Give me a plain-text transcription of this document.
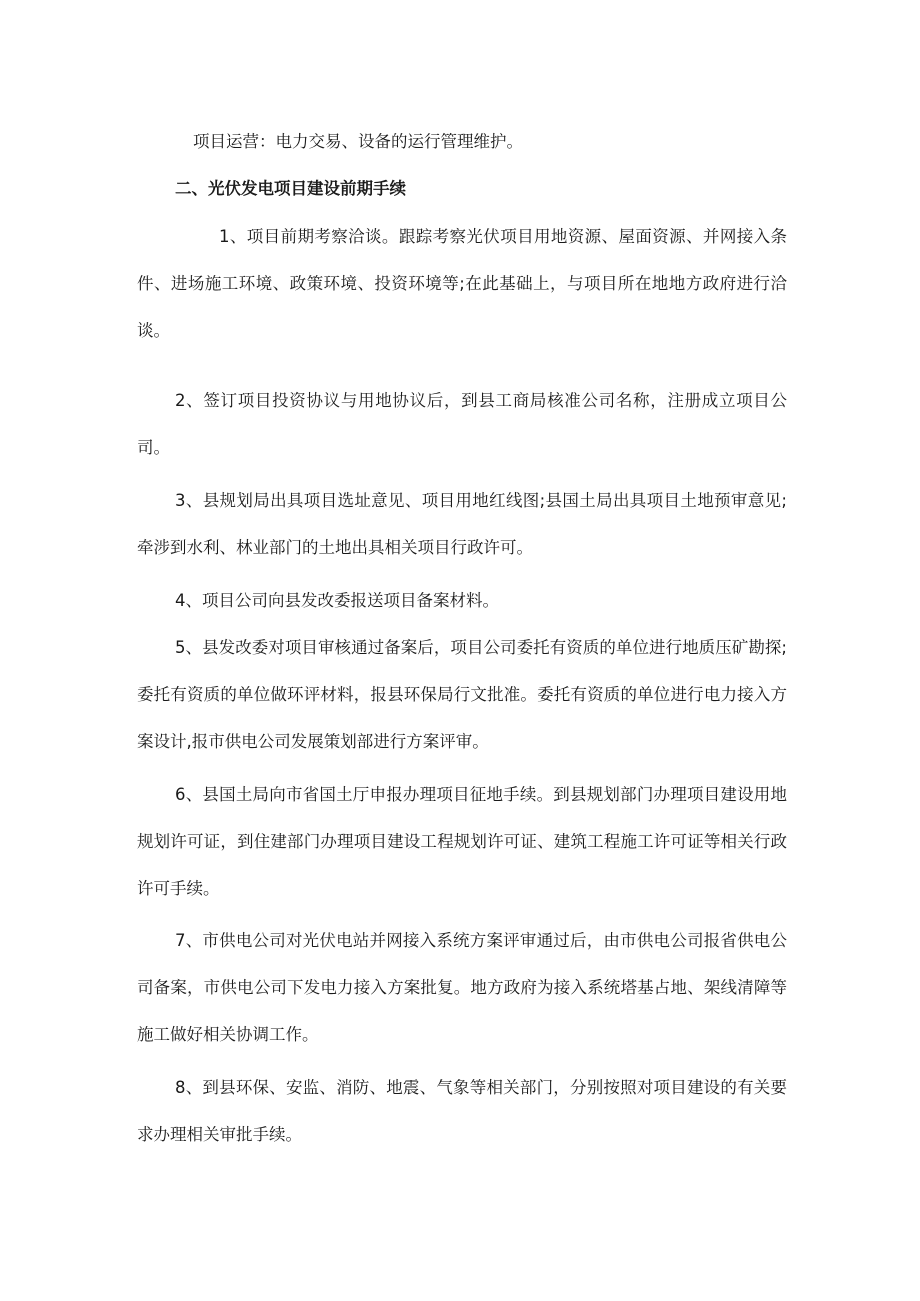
项目运营：电力交易、设备的运行管理维护。

二、光伏发电项目建设前期手续

1、项目前期考察洽谈。跟踪考察光伏项目用地资源、屋面资源、并网接入条件、进场施工环境、政策环境、投资环境等;在此基础上，与项目所在地地方政府进行洽谈。

2、签订项目投资协议与用地协议后，到县工商局核准公司名称，注册成立项目公司。

3、县规划局出具项目选址意见、项目用地红线图;县国土局出具项目土地预审意见;牵涉到水利、林业部门的土地出具相关项目行政许可。

4、项目公司向县发改委报送项目备案材料。

5、县发改委对项目审核通过备案后，项目公司委托有资质的单位进行地质压矿勘探;委托有资质的单位做环评材料，报县环保局行文批准。委托有资质的单位进行电力接入方案设计,报市供电公司发展策划部进行方案评审。

6、县国土局向市省国土厅申报办理项目征地手续。到县规划部门办理项目建设用地规划许可证，到住建部门办理项目建设工程规划许可证、建筑工程施工许可证等相关行政许可手续。

7、市供电公司对光伏电站并网接入系统方案评审通过后，由市供电公司报省供电公司备案，市供电公司下发电力接入方案批复。地方政府为接入系统塔基占地、架线清障等施工做好相关协调工作。

8、到县环保、安监、消防、地震、气象等相关部门，分别按照对项目建设的有关要求办理相关审批手续。
